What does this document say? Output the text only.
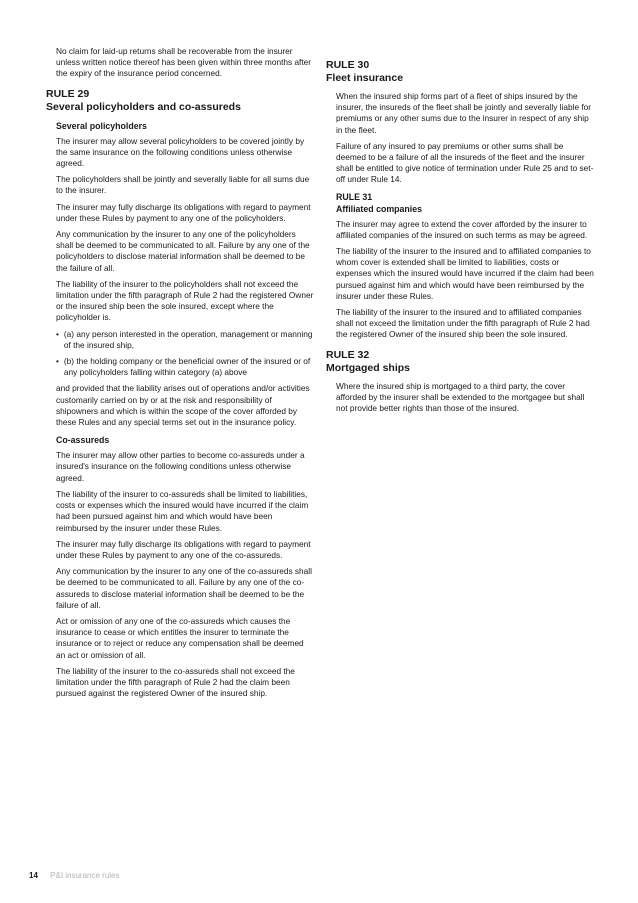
No claim for laid-up returns shall be recoverable from the insurer unless written notice thereof has been given within three months after the expiry of the insurance period concerned.

RULE 29
Several policyholders and co-assureds
Several policyholders

The insurer may allow several policyholders to be covered jointly by the same insurance on the following conditions unless otherwise agreed.

The policyholders shall be jointly and severally liable for all sums due to the insurer.

The insurer may fully discharge its obligations with regard to payment under these Rules by payment to any one of the policyholders.

Any communication by the insurer to any one of the policyholders shall be deemed to be communicated to all. Failure by any one of the policyholders to disclose material information shall be deemed to be the failure of all.

The liability of the insurer to the policyholders shall not exceed the limitation under the fifth paragraph of Rule 2 had the registered Owner or the insured ship been the sole insured, except where the policyholder is.

• (a) any person interested in the operation, management or manning of the insured ship,
• (b) the holding company or the beneficial owner of the insured or of any policyholders falling within category (a) above

and provided that the liability arises out of operations and/or activities customarily carried on by or at the risk and responsibility of shipowners and which is within the scope of the cover afforded by these Rules and any special terms set out in the insurance policy.

Co-assureds

The insurer may allow other parties to become co-assureds under a insured's insurance on the following conditions unless otherwise agreed.

The liability of the insurer to co-assureds shall be limited to liabilities, costs or expenses which the insured would have incurred if the claim had been pursued against him and which would have been reimbursed by the insurer under these Rules.

The insurer may fully discharge its obligations with regard to payment under these Rules by payment to any one of the co-assureds.

Any communication by the insurer to any one of the co-assureds shall be deemed to be communicated to all. Failure by any one of the co-assureds to disclose material information shall be deemed to be the failure of all.

Act or omission of any one of the co-assureds which causes the insurance to cease or which entitles the insurer to terminate the insurance or to reject or reduce any compensation shall be deemed an act or omission of all.

The liability of the insurer to the co-assureds shall not exceed the limitation under the fifth paragraph of Rule 2 had the claim been pursued against the registered Owner of the insured ship.

RULE 30
Fleet insurance

When the insured ship forms part of a fleet of ships insured by the insurer, the insureds of the fleet shall be jointly and severally liable for premiums or any other sums due to the insurer in respect of any ship in the fleet.

Failure of any insured to pay premiums or other sums shall be deemed to be a failure of all the insureds of the fleet and the insurer shall be entitled to give notice of termination under Rule 25 and to set-off under Rule 14.

RULE 31
Affiliated companies

The insurer may agree to extend the cover afforded by the insurer to affiliated companies of the insured on such terms as may be agreed.

The liability of the insurer to the insured and to affiliated companies to whom cover is extended shall be limited to liabilities, costs or expenses which the insured would have incurred if the claim had been pursued against him and which would have been reimbursed by the insurer under these Rules.

The liability of the insurer to the insured and to affiliated companies shall not exceed the limitation under the fifth paragraph of Rule 2 had the registered Owner of the insured ship been the sole insured.

RULE 32
Mortgaged ships

Where the insured ship is mortgaged to a third party, the cover afforded by the insurer shall be extended to the mortgagee but shall not provide better rights than those of the insured.

14 P&I insurance rules
